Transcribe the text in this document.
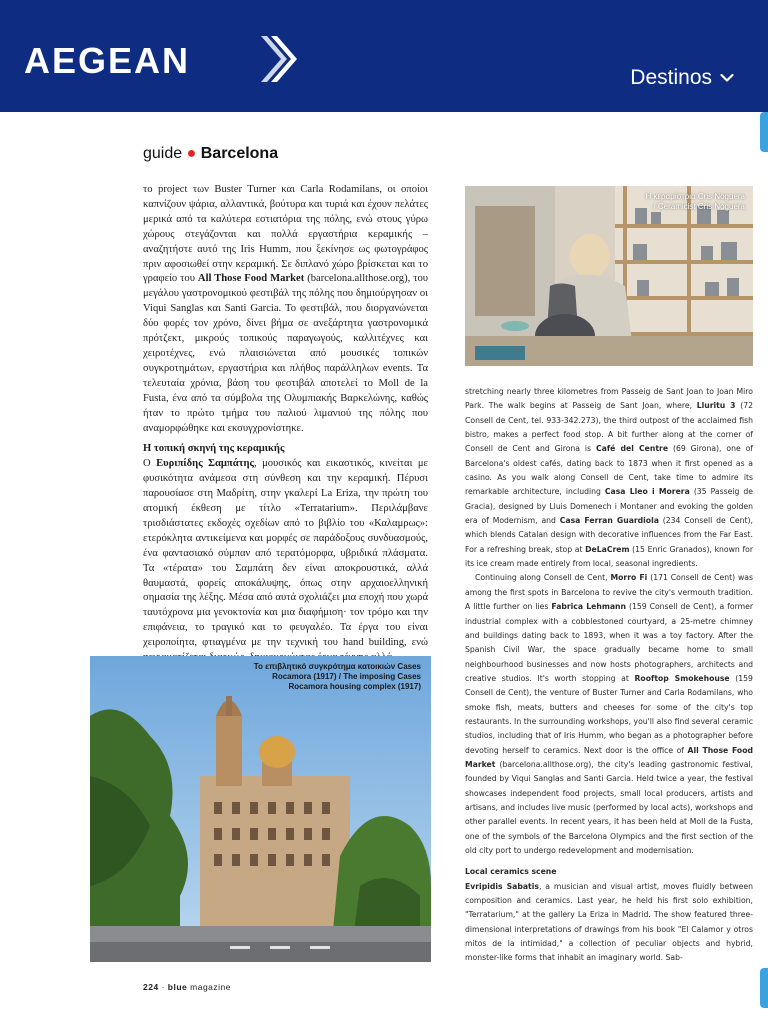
AEGEAN	Destinos
guide ● Barcelona

το project των Buster Turner και Carla Rodamilans, οι οποίοι καπνίζουν ψάρια, αλλαντικά, βούτυρα και τυριά και έχουν πελάτες μερικά από τα καλύτερα εστιατόρια της πόλης, ενώ στους γύρω χώρους στεγάζονται και πολλά εργαστήρια κεραμικής – αναζητήστε αυτό της Iris Humm, που ξεκίνησε ως φωτογράφος πριν αφοσιωθεί στην κεραμική. Σε διπλανό χώρο βρίσκεται και το γραφείο του All Those Food Market (barcelona.allthose.org), του μεγάλου γαστρονομικού φεστιβάλ της πόλης που δημιούργησαν οι Viqui Sanglas και Santi Garcia. Το φεστιβάλ, που διοργανώνεται δύο φορές τον χρόνο, δίνει βήμα σε ανεξάρτητα γαστρονομικά πρότζεκτ, μικρούς τοπικούς παραγωγούς, καλλιτέχνες και χειροτέχνες, ενώ πλαισιώνεται από μουσικές τοπικών συγκροτημάτων, εργαστήρια και πλήθος παράλληλων events. Τα τελευταία χρόνια, βάση του φεστιβάλ αποτελεί το Moll de la Fusta, ένα από τα σύμβολα της Ολυμπιακής Βαρκελώνης, καθώς ήταν το πρώτο τμήμα του παλιού λιμανιού της πόλης που αναμορφώθηκε και εκσυγχρονίστηκε.

Η τοπική σκηνή της κεραμικής

Ο Ευριπίδης Σαμπάτης, μουσικός και εικαστικός, κινείται με φυσικότητα ανάμεσα στη σύνθεση και την κεραμική. Πέρυσι παρουσίασε στη Μαδρίτη, στην γκαλερί La Eriza, την πρώτη του ατομική έκθεση με τίτλο «Terratarium». Περιλάμβανε τρισδιάστατες εκδοχές σχεδίων από το βιβλίο του «Καλαμρως»: ετερόκλητα αντικείμενα και μορφές σε παράδοξους συνδυασμούς, ένα φαντασιακό σύμπαν από τερατόμορφα, υβριδικά πλάσματα. Τα «τέρατα» του Σαμπάτη δεν είναι αποκρουστικά, αλλά θαυμαστά, φορείς αποκάλυψης, όπως στην αρχαιοελληνική σημασία της λέξης. Μέσα από αυτά σχολιάζει μια εποχή που χωρά ταυτόχρονα μια γενοκτονία και μια διαφήμιση· τον τρόμο και την επιφάνεια, το τραγικό και το φευγαλέο. Τα έργα του είναι χειροποίητα, φτιαγμένα με την τεχνική του hand building, ενώ

Η κεραμίστρια Cris Noguera
/ Ceramicist Cris Noguera

stretching nearly three kilometres from Passeig de Sant Joan to Joan Miro Park. The walk begins at Passeig de Sant Joan, where, Lluritu 3 (72 Consell de Cent, tel. 933-342.273), the third outpost of the acclaimed fish bistro, makes a perfect food stop. A bit further along at the corner of Consell de Cent and Girona is Café del Centre (69 Girona), one of Barcelona's oldest cafés, dating back to 1873 when it first opened as a casino. As you walk along Consell de Cent, take time to admire its remarkable architecture, including Casa Lleo i Morera (35 Passeig de Gracia), designed by Lluis Domenech i Montaner and evoking the golden era of Modernism, and Casa Ferran Guardiola (234 Consell de Cent), which blends Catalan design with decorative influences from the Far East. For a refreshing break, stop at DeLaCrem (15 Enric Granados), known for its ice cream made entirely from local, seasonal ingredients.

Continuing along Consell de Cent, Morro Fi (171 Consell de Cent) was among the first spots in Barcelona to revive the city's vermouth tradition. A little further on lies Fabrica Lehmann (159 Consell de Cent), a former industrial complex with a cobblestoned courtyard, a 25-metre chimney and buildings dating back to 1893, when it was a toy factory. After the Spanish Civil War, the space gradually became home to small neighbourhood businesses and now hosts photographers, architects and creative studios. It's worth stopping at Rooftop Smokehouse (159 Consell de Cent), the venture of Buster Turner and Carla Rodamilans, who smoke fish, meats, butters and cheeses for some of the city's top restaurants. In the surrounding workshops, you'll also find several ceramic studios, including that of Iris Humm, who began as a photographer before devoting herself to ceramics. Next door is the office of All Those Food Market (barcelona.allthose.org), the city's leading gastronomic festival, founded by Viqui Sanglas and Santi Garcia. Held twice a year, the festival showcases independent food projects, small local producers, artists and artisans, and includes live music (performed by local acts), workshops and other parallel events. In recent years, it has been held at Moll de la Fusta, one of the symbols of the Barcelona Olympics and the first section of the old city port to undergo redevelopment and modernisation.

Local ceramics scene

Evripidis Sabatis, a musician and visual artist, moves fluidly between composition and ceramics. Last year, he held his first solo exhibition, "Terratarium," at the gallery La Eriza in Madrid. The show featured three-dimensional interpretations of drawings from his book "El Calamor y otros mitos de la intimidad," a collection of peculiar objects and hybrid, monster-like forms that inhabit an imaginary world. Sab-

Το επιβλητικό συγκρότημα κατοικιών Cases
Rocamora (1917) / The imposing Cases
Rocamora housing complex (1917)
224 · blue magazine
